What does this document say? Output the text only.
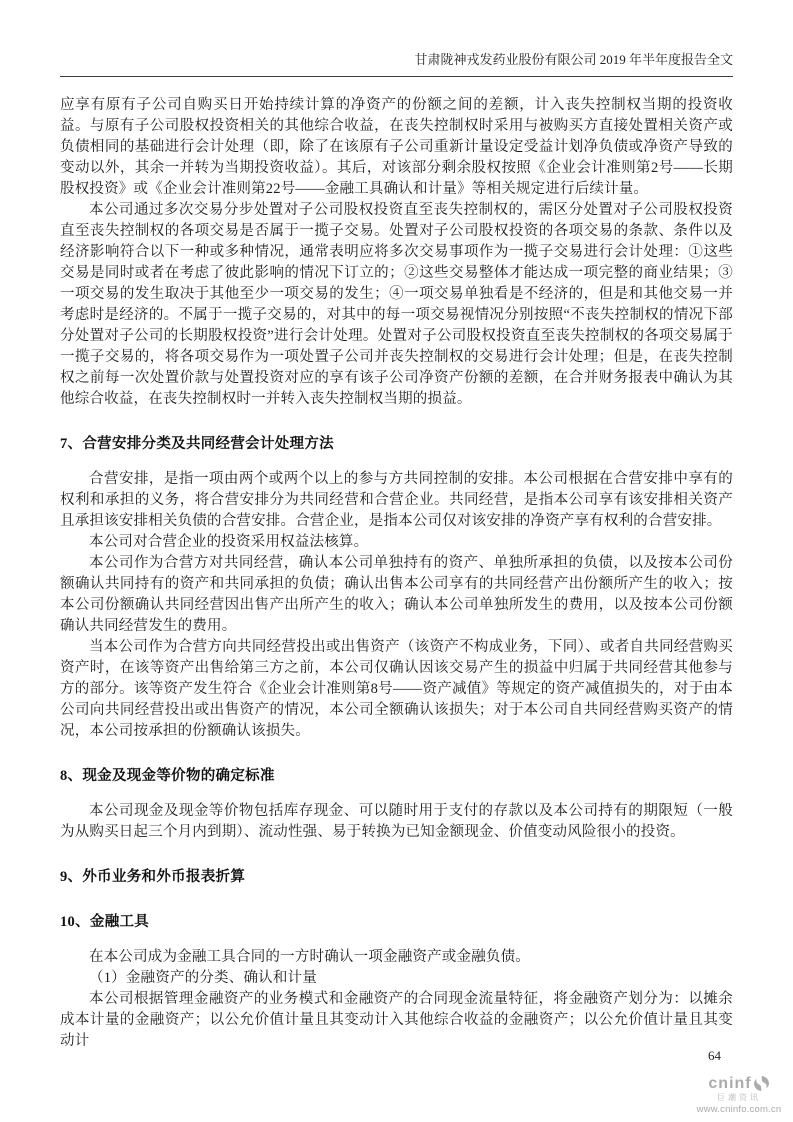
甘肃陇神戎发药业股份有限公司 2019 年半年度报告全文

应享有原有子公司自购买日开始持续计算的净资产的份额之间的差额，计入丧失控制权当期的投资收益。与原有子公司股权投资相关的其他综合收益，在丧失控制权时采用与被购买方直接处置相关资产或负债相同的基础进行会计处理（即，除了在该原有子公司重新计量设定受益计划净负债或净资产导致的变动以外，其余一并转为当期投资收益）。其后，对该部分剩余股权按照《企业会计准则第2号——长期股权投资》或《企业会计准则第22号——金融工具确认和计量》等相关规定进行后续计量。

本公司通过多次交易分步处置对子公司股权投资直至丧失控制权的，需区分处置对子公司股权投资直至丧失控制权的各项交易是否属于一揽子交易。处置对子公司股权投资的各项交易的条款、条件以及经济影响符合以下一种或多种情况，通常表明应将多次交易事项作为一揽子交易进行会计处理：①这些交易是同时或者在考虑了彼此影响的情况下订立的；②这些交易整体才能达成一项完整的商业结果；③一项交易的发生取决于其他至少一项交易的发生；④一项交易单独看是不经济的，但是和其他交易一并考虑时是经济的。不属于一揽子交易的，对其中的每一项交易视情况分别按照“不丧失控制权的情况下部分处置对子公司的长期股权投资”进行会计处理。处置对子公司股权投资直至丧失控制权的各项交易属于一揽子交易的，将各项交易作为一项处置子公司并丧失控制权的交易进行会计处理；但是，在丧失控制权之前每一次处置价款与处置投资对应的享有该子公司净资产份额的差额，在合并财务报表中确认为其他综合收益，在丧失控制权时一并转入丧失控制权当期的损益。

7、合营安排分类及共同经营会计处理方法

合营安排，是指一项由两个或两个以上的参与方共同控制的安排。本公司根据在合营安排中享有的权利和承担的义务，将合营安排分为共同经营和合营企业。共同经营，是指本公司享有该安排相关资产且承担该安排相关负债的合营安排。合营企业，是指本公司仅对该安排的净资产享有权利的合营安排。

本公司对合营企业的投资采用权益法核算。

本公司作为合营方对共同经营，确认本公司单独持有的资产、单独所承担的负债，以及按本公司份额确认共同持有的资产和共同承担的负债；确认出售本公司享有的共同经营产出份额所产生的收入；按本公司份额确认共同经营因出售产出所产生的收入；确认本公司单独所发生的费用，以及按本公司份额确认共同经营发生的费用。

当本公司作为合营方向共同经营投出或出售资产（该资产不构成业务，下同）、或者自共同经营购买资产时，在该等资产出售给第三方之前，本公司仅确认因该交易产生的损益中归属于共同经营其他参与方的部分。该等资产发生符合《企业会计准则第8号——资产减值》等规定的资产减值损失的，对于由本公司向共同经营投出或出售资产的情况，本公司全额确认该损失；对于本公司自共同经营购买资产的情况，本公司按承担的份额确认该损失。

8、现金及现金等价物的确定标准

本公司现金及现金等价物包括库存现金、可以随时用于支付的存款以及本公司持有的期限短（一般为从购买日起三个月内到期）、流动性强、易于转换为已知金额现金、价值变动风险很小的投资。

9、外币业务和外币报表折算
10、金融工具

在本公司成为金融工具合同的一方时确认一项金融资产或金融负债。

（1）金融资产的分类、确认和计量

本公司根据管理金融资产的业务模式和金融资产的合同现金流量特征，将金融资产划分为：以摊余成本计量的金融资产；以公允价值计量且其变动计入其他综合收益的金融资产；以公允价值计量且其变动计

64
cninf
巨潮资讯
www.cninfo.com.cn
